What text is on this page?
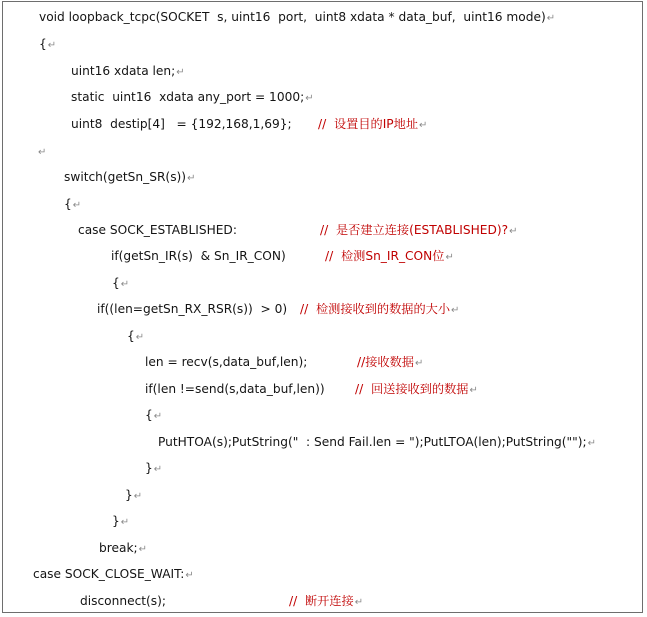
void loopback_tcpc(SOCKET  s, uint16  port,  uint8 xdata * data_buf,  uint16 mode)↵
{↵
uint16 xdata len;↵
static  uint16  xdata any_port = 1000;↵
uint8  destip[4]   = {192,168,1,69}; //  设置目的IP地址↵
↵
switch(getSn_SR(s))↵
{↵
case SOCK_ESTABLISHED:	//  是否建立连接(ESTABLISHED)?↵
if(getSn_IR(s)  & Sn_IR_CON)	//  检测Sn_IR_CON位↵
{↵
if((len=getSn_RX_RSR(s))  > 0) //  检测接收到的数据的大小↵
{↵
len = recv(s,data_buf,len);	//接收数据↵
if(len !=send(s,data_buf,len)) //  回送接收到的数据↵
{↵
PutHTOA(s);PutString("  : Send Fail.len = ");PutLTOA(len);PutString("");↵
}↵
}↵
}↵
break;↵
case SOCK_CLOSE_WAIT:↵
disconnect(s);	//  断开连接↵
